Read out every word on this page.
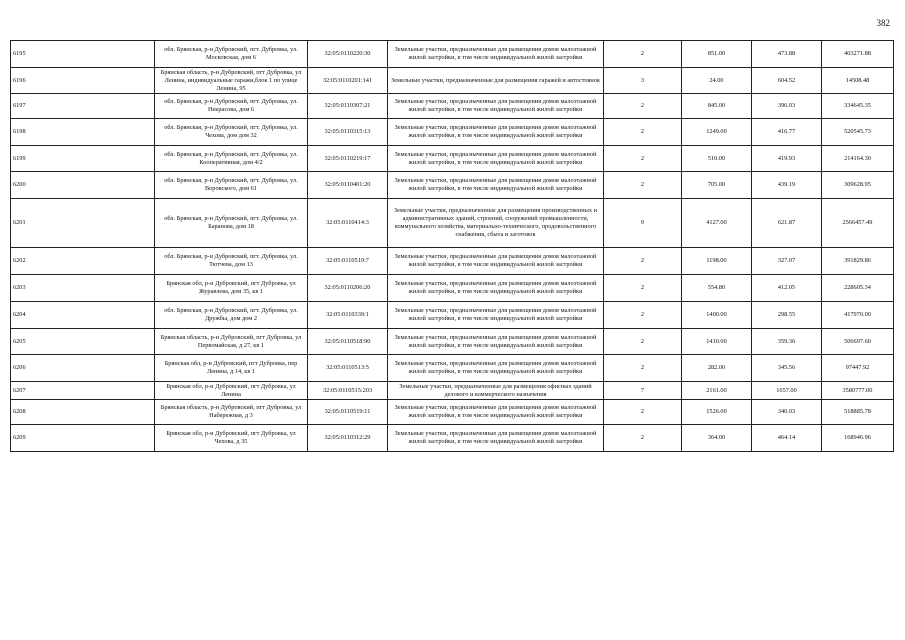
382
6195	обл. Брянская, р-н Дубровский, пгт. Дубровка, ул. Московская, дом 6	32:05:0110220:30	Земельные участки, предназначенные для размещения домов малоэтажной жилой застройки, в том числе индивидуальной жилой застройки	2	851.00	473.88	403271.88
6196	Брянская область, р-н Дубровский, пгт Дубровка, ул Ленина, индивидуальные гаражи,блок 1 по улице Ленина, 95	32:05:0110201:141	Земельные участки, предназначенные для размещения гаражей и автостоянок	3	24.00	604.52	14508.48
6197	обл. Брянская, р-н Дубровский, пгт. Дубровка, ул. Некрасова, дом 6	32:05:0110307:21	Земельные участки, предназначенные для размещения домов малоэтажной жилой застройки, в том числе индивидуальной жилой застройки	2	845.00	396.03	334645.35
6198	обл. Брянская, р-н Дубровский, пгт. Дубровка, ул. Чехова, дом дом 32	32:05:0110315:13	Земельные участки, предназначенные для размещения домов малоэтажной жилой застройки, в том числе индивидуальной жилой застройки	2	1249.00	416.77	520545.73
6199	обл. Брянская, р-н Дубровский, пгт. Дубровка, ул. Кооперативная, дом 4/2	32:05:0110219:17	Земельные участки, предназначенные для размещения домов малоэтажной жилой застройки, в том числе индивидуальной жилой застройки	2	510.00	419.93	214164.30
6200	обл. Брянская, р-н Дубровский, пгт. Дубровка, ул. Воровского, дом 61	32:05:0110401:20	Земельные участки, предназначенные для размещения домов малоэтажной жилой застройки, в том числе индивидуальной жилой застройки	2	705.00	439.19	309628.95
6201	обл. Брянская, р-н Дубровский, пгт. Дубровка, ул. Баранова, дом 18	32:05:0110414:3	Земельные участки, предназначенные для размещения производственных и административных зданий, строений, сооружений промышленности, коммунального хозяйства, материально-технического, продовольственного снабжения, сбыта и заготовок	9	4127.00	621.87	2566457.49
6202	обл. Брянская, р-н Дубровский, пгт. Дубровка, ул. Тютчева, дом 13	32:05:0110519:7	Земельные участки, предназначенные для размещения домов малоэтажной жилой застройки, в том числе индивидуальной жилой застройки	2	1198.00	327.07	391829.86
6203	Брянская обл, р-н Дубровский, пгт Дубровка, ул Журавлева, дом 35, кв 1	32:05:0110206:20	Земельные участки, предназначенные для размещения домов малоэтажной жилой застройки, в том числе индивидуальной жилой застройки	2	554.80	412.05	228605.34
6204	обл. Брянская, р-н Дубровский, пгт. Дубровка, ул. Дружбы, дом дом 2	32:05:0110339:1	Земельные участки, предназначенные для размещения домов малоэтажной жилой застройки, в том числе индивидуальной жилой застройки	2	1400.00	298.55	417970.00
6205	Брянская область, р-н Дубровский, пгт Дубровка, ул Первомайская, д 27, кв 1	32:05:0110518:90	Земельные участки, предназначенные для размещения домов малоэтажной жилой застройки, в том числе индивидуальной жилой застройки	2	1410.00	359.36	506697.60
6206	Брянская обл, р-н Дубровский, пгт Дубровка, пер Ленина, д 14, кв 1	32:05:0110513:5	Земельные участки, предназначенные для размещения домов малоэтажной жилой застройки, в том числе индивидуальной жилой застройки	2	282.00	345.56	97447.92
6207	Брянская обл, р-н Дубровский, пгт Дубровка, ул Ленина	32:05:0110515:203	Земельные участки, предназначенные для размещения офисных зданий делового и коммерческого назначения	7	2161.00	1657.00	3580777.00
6208	Брянская область, р-н Дубровский, пгт Дубровка, ул Набережная, д 3	32:05:0110519:11	Земельные участки, предназначенные для размещения домов малоэтажной жилой застройки, в том числе индивидуальной жилой застройки	2	1526.00	340.03	518885.78
6209	Брянская обл, р-н Дубровский, пгт Дубровка, ул Чехова, д 35	32:05:0110312:29	Земельные участки, предназначенные для размещения домов малоэтажной жилой застройки, в том числе индивидуальной жилой застройки	2	364.00	464.14	168946.96
